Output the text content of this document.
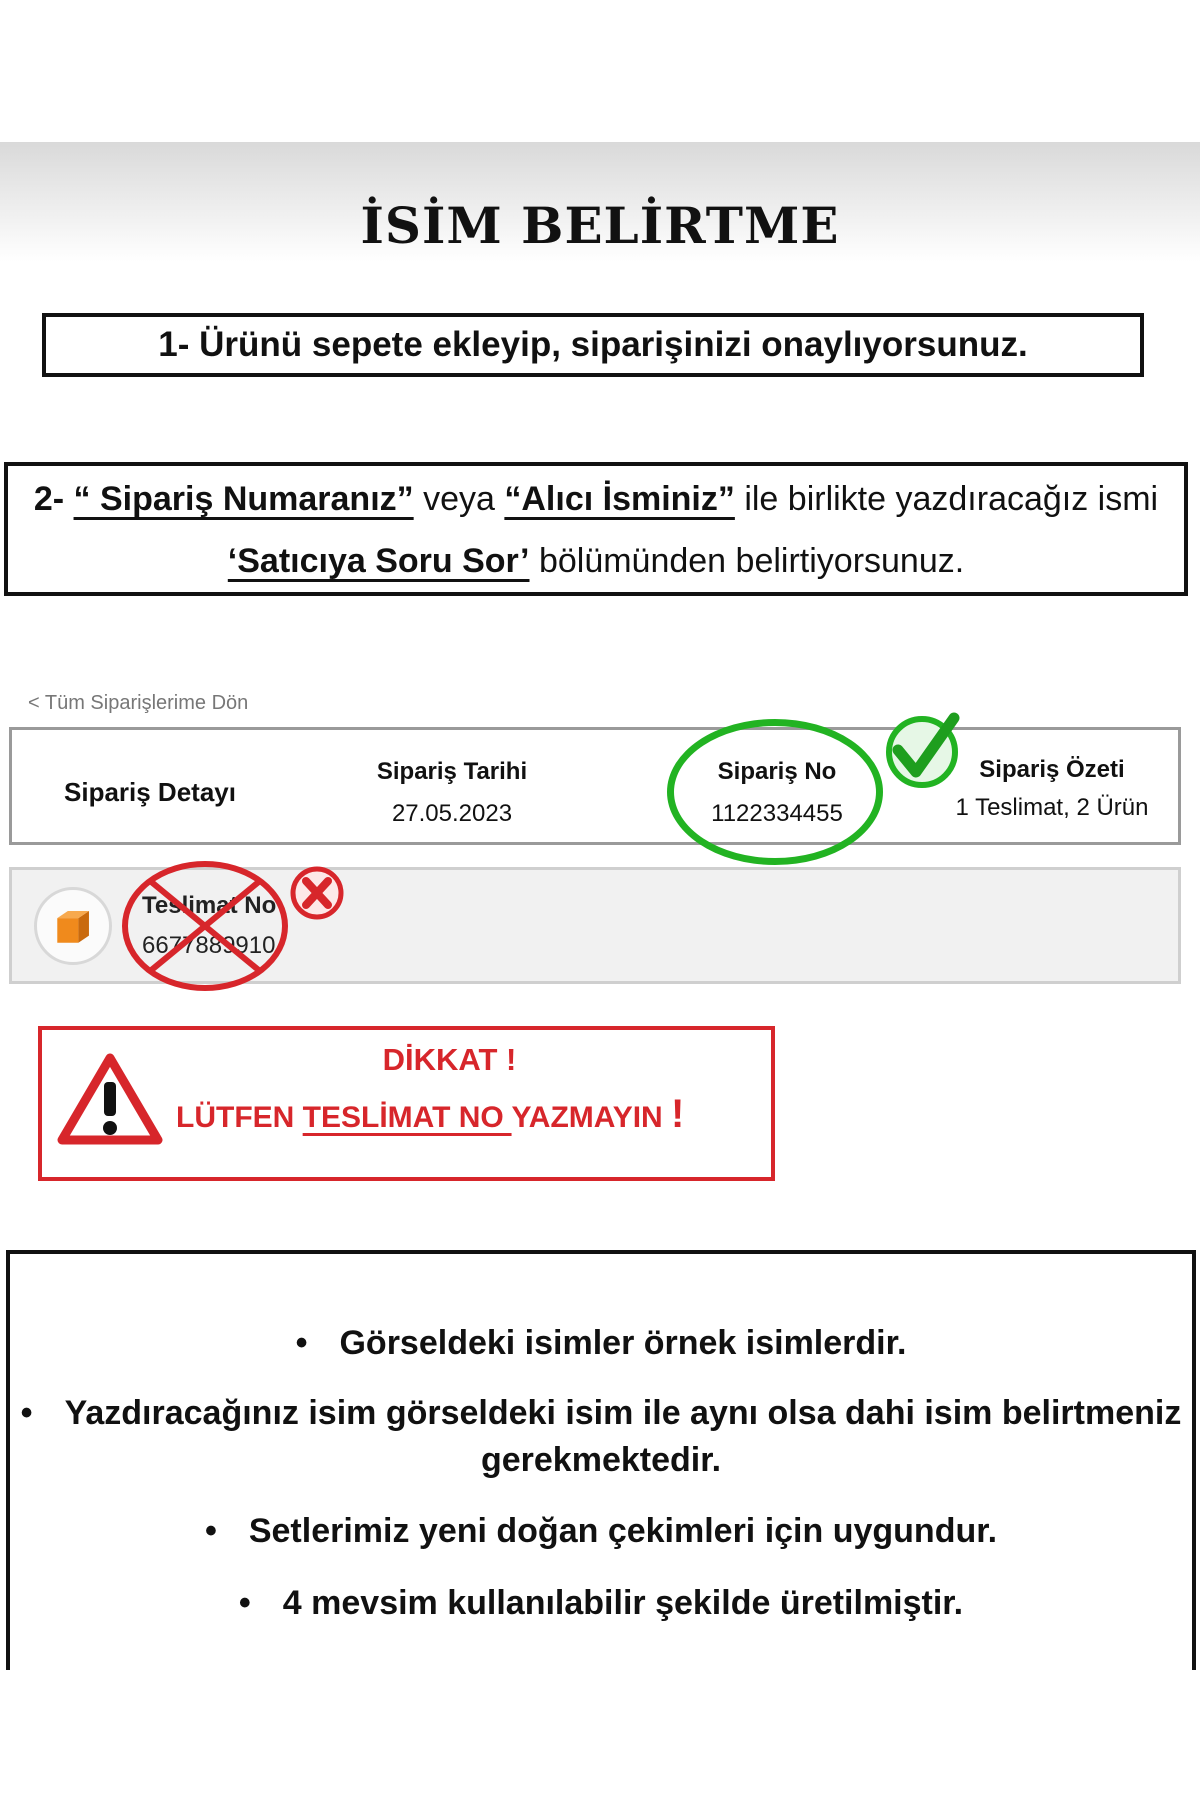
İSİM BELİRTME
1- Ürünü sepete ekleyip, siparişinizi onaylıyorsunuz.
2- “ Sipariş Numaranız” veya “Alıcı İsminiz” ile birlikte yazdıracağız ismi
‘Satıcıya Soru Sor’ bölümünden belirtiyorsunuz.
< Tüm Siparişlerime Dön
Sipariş Detayı
Sipariş Tarihi
27.05.2023
Sipariş No
1122334455
Sipariş Özeti
1 Teslimat, 2 Ürün
Teslimat No
6677889910
DİKKAT !
LÜTFEN TESLİMAT NO YAZMAYIN !
• Görseldeki isimler örnek isimlerdir.
• Yazdıracağınız isim görseldeki isim ile aynı olsa dahi isim belirtmeniz
gerekmektedir.
• Setlerimiz yeni doğan çekimleri için uygundur.
• 4 mevsim kullanılabilir şekilde üretilmiştir.
